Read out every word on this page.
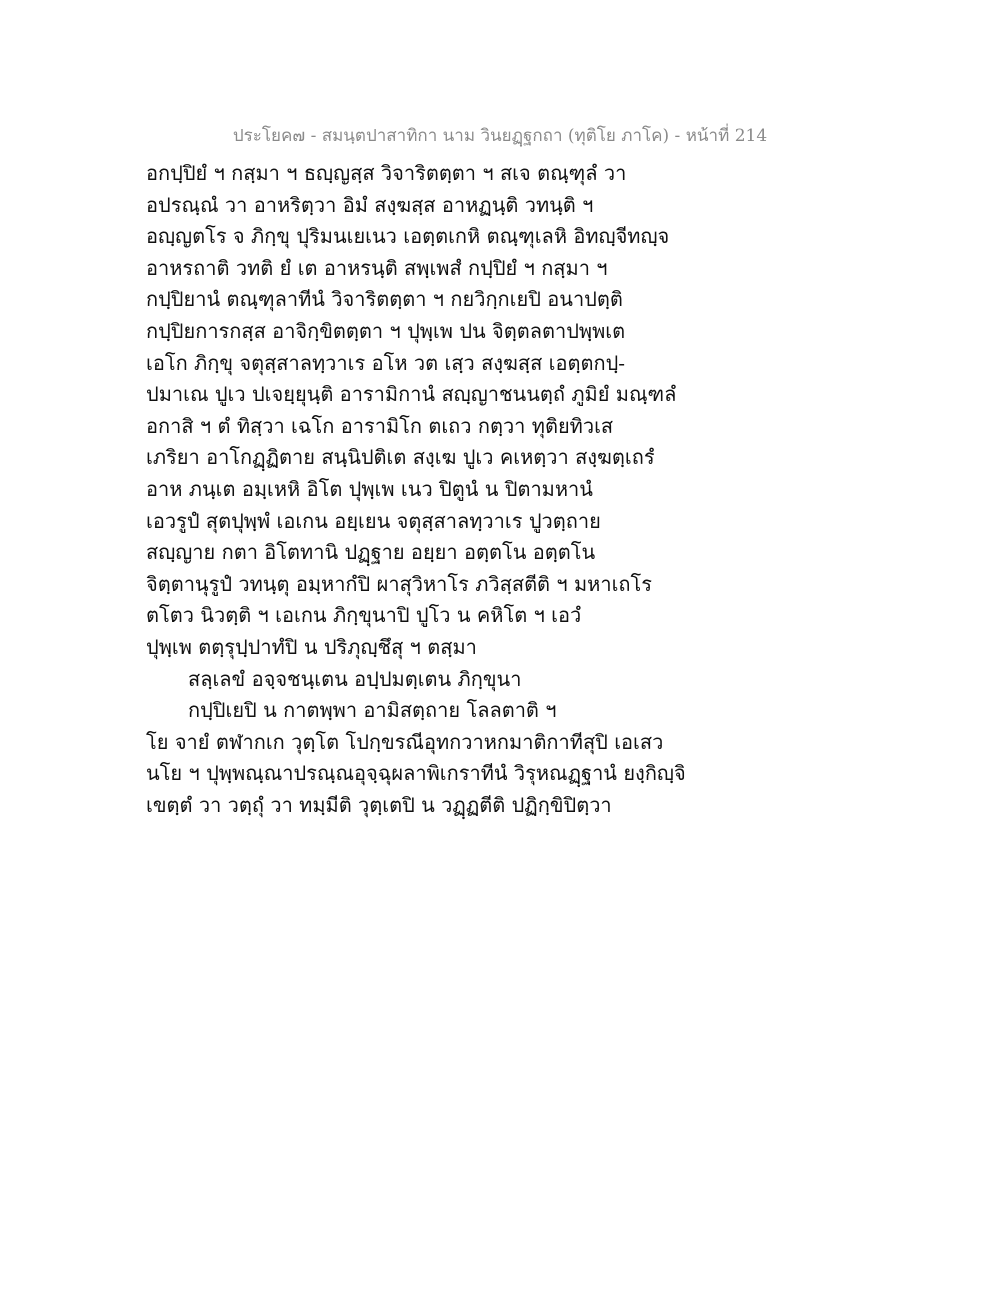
ประโยค๗ - สมนฺตปาสาทิกา นาม วินยฏฺฐกถา (ทุติโย ภาโค) - หน้าที่ 214
อกปฺปิยํ ฯ กสฺมา ฯ ธญฺญสฺส วิจาริตตฺตา ฯ สเจ ตณฺฑุลํ วา
อปรณฺณํ วา อาหริตฺวา อิมํ สงฺฆสฺส อาหฏนฺติ วทนฺติ ฯ
อญฺญตโร จ ภิกฺขุ ปุริมนเยเนว เอตฺตเกหิ ตณฺฑุเลหิ อิทญฺจีทญฺจ
อาหรถาติ วทติ ยํ เต อาหรนฺติ สพฺเพสํ กปฺปิยํ ฯ กสฺมา ฯ
กปฺปิยานํ ตณฺฑุลาทีนํ วิจาริตตฺตา ฯ กยวิกฺกเยปิ อนาปตฺติ
กปฺปิยการกสฺส อาจิกฺขิตตฺตา ฯ ปุพฺเพ ปน จิตฺตลตาปพฺพเต
เอโก ภิกฺขุ จตุสฺสาลทฺวาเร อโห วต เสฺว สงฺฆสฺส เอตฺตกปฺ-
ปมาเณ ปูเว ปเจยฺยุนฺติ อารามิกานํ สญฺญาชนนตฺถํ ภูมิยํ มณฺฑลํ
อกาสิ ฯ ตํ ทิสฺวา เฉโก อารามิโก ตเถว กตฺวา ทุติยทิวเส
เภริยา อาโกฏฺฏิตาย สนฺนิปติเต สงฺเฆ ปูเว คเหตฺวา สงฺฆตฺเถรํ
อาห ภนฺเต อมฺเหหิ อิโต ปุพฺเพ เนว ปิตูนํ น ปิตามหานํ
เอวรูปํ สุตปุพฺพํ เอเกน อยฺเยน จตุสฺสาลทฺวาเร ปูวตฺถาย
สญฺญาย กตา อิโตทานิ ปฏฺฐาย อยฺยา อตฺตโน อตฺตโน
จิตฺตานุรูปํ วทนฺตุ อมฺหากํปิ ผาสุวิหาโร ภวิสฺสตีติ ฯ มหาเถโร
ตโตว นิวตฺติ ฯ เอเกน ภิกฺขุนาปิ ปูโว น คหิโต ฯ เอวํ
ปุพฺเพ ตตฺรุปฺปาทํปิ น ปริภุญฺชึสุ ฯ ตสฺมา
สลฺเลขํ อจฺจชนฺเตน อปฺปมตฺเตน ภิกฺขุนา
กปฺปิเยปิ น กาตพฺพา อามิสตฺถาย โลลตาติ ฯ
โย จายํ ตฬากเก วุตฺโต โปกฺขรณีอุทกวาหกมาติกาทีสุปิ เอเสว
นโย ฯ ปุพฺพณฺณาปรณฺณอุจฺฉุผลาพิเกราทีนํ วิรุหณฏฺฐานํ ยงฺกิญฺจิ
เขตฺตํ วา วตฺถุํ วา ทมฺมีติ วุตฺเตปิ น วฏฺฏตีติ ปฏิกฺขิปิตฺวา
